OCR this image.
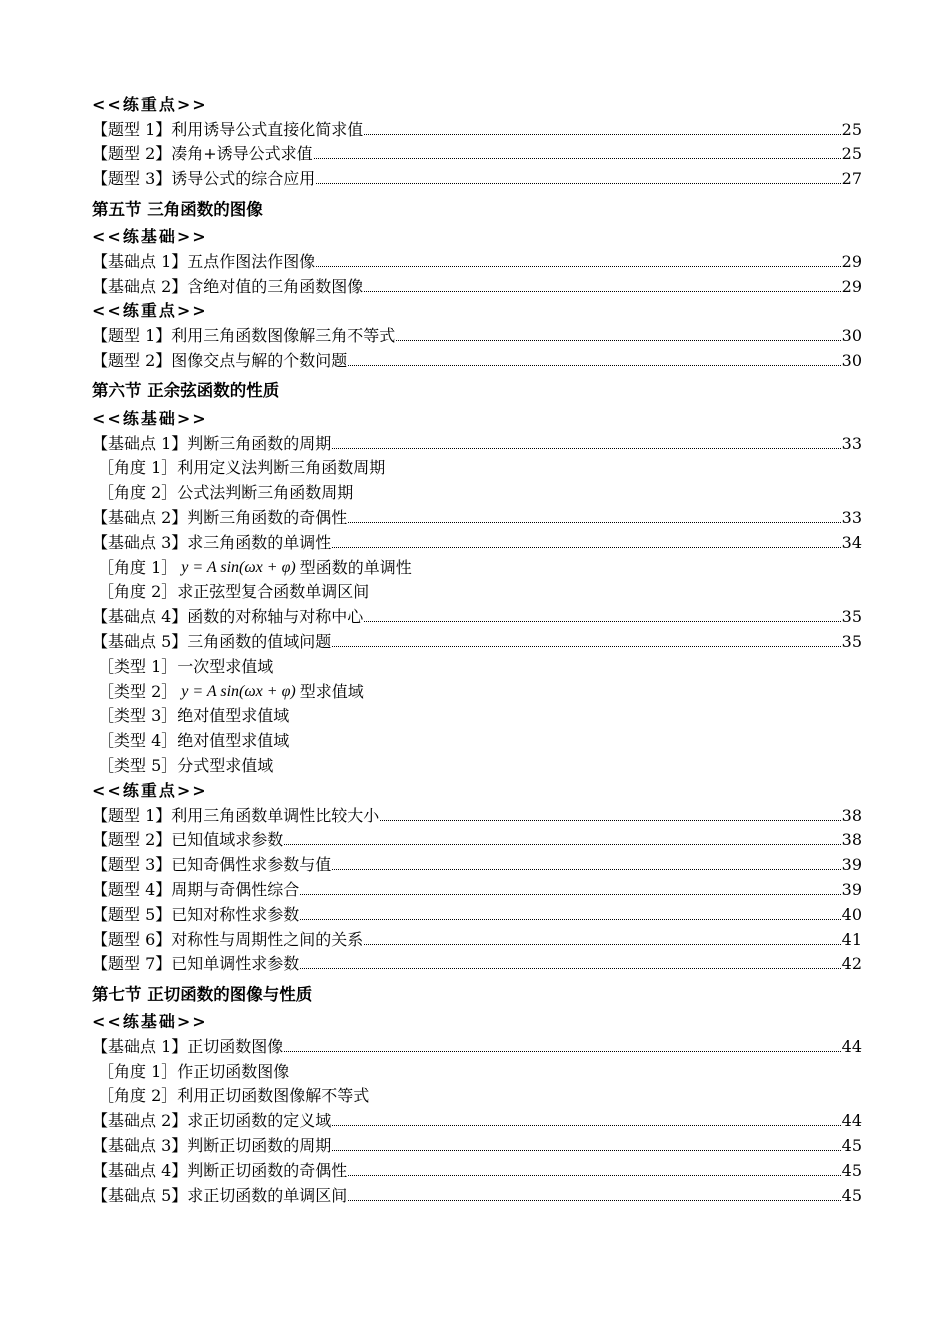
<<练重点>>
【题型 1】利用诱导公式直接化简求值	25
【题型 2】凑角+诱导公式求值	25
【题型 3】诱导公式的综合应用	27
第五节 三角函数的图像
<<练基础>>
【基础点 1】五点作图法作图像	29
【基础点 2】含绝对值的三角函数图像	29
<<练重点>>
【题型 1】利用三角函数图像解三角不等式	30
【题型 2】图像交点与解的个数问题	30
第六节 正余弦函数的性质
<<练基础>>
【基础点 1】判断三角函数的周期	33
［角度 1］利用定义法判断三角函数周期
［角度 2］公式法判断三角函数周期
【基础点 2】判断三角函数的奇偶性	33
【基础点 3】求三角函数的单调性	34
［角度 1］ y = A sin(ωx + φ) 型函数的单调性
［角度 2］求正弦型复合函数单调区间
【基础点 4】函数的对称轴与对称中心	35
【基础点 5】三角函数的值域问题	35
［类型 1］一次型求值域
［类型 2］ y = A sin(ωx + φ) 型求值域
［类型 3］绝对值型求值域
［类型 4］绝对值型求值域
［类型 5］分式型求值域
<<练重点>>
【题型 1】利用三角函数单调性比较大小	38
【题型 2】已知值域求参数	38
【题型 3】已知奇偶性求参数与值	39
【题型 4】周期与奇偶性综合	39
【题型 5】已知对称性求参数	40
【题型 6】对称性与周期性之间的关系	41
【题型 7】已知单调性求参数	42
第七节 正切函数的图像与性质
<<练基础>>
【基础点 1】正切函数图像	44
［角度 1］作正切函数图像
［角度 2］利用正切函数图像解不等式
【基础点 2】求正切函数的定义域	44
【基础点 3】判断正切函数的周期	45
【基础点 4】判断正切函数的奇偶性	45
【基础点 5】求正切函数的单调区间	45
